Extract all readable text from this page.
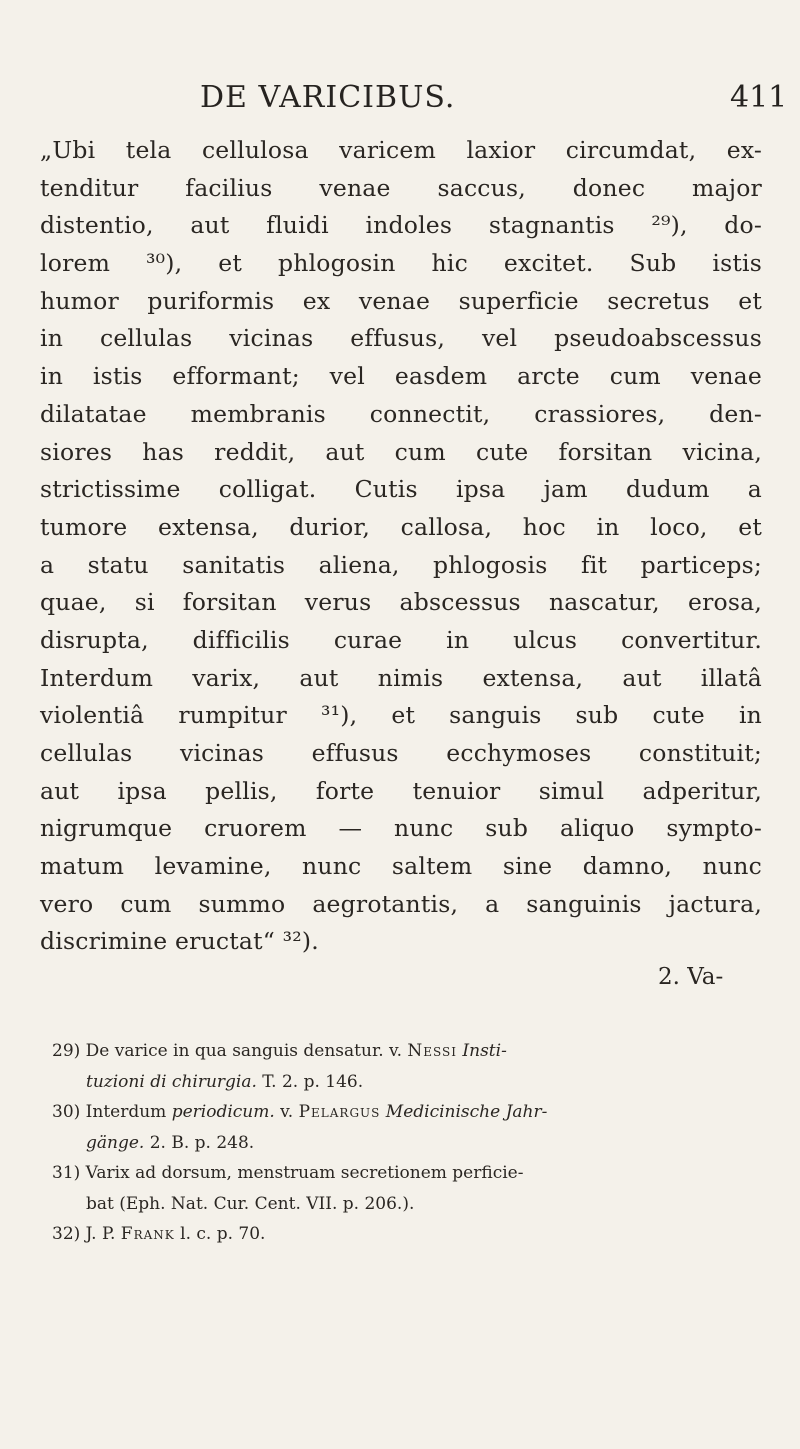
DE VARICIBUS.	411
„Ubi tela cellulosa varicem laxior circumdat, ex-
tenditur facilius venae saccus, donec major
distentio, aut fluidi indoles stagnantis ²⁹), do-
lorem ³⁰), et phlogosin hic excitet. Sub istis
humor puriformis ex venae superficie secretus et
in cellulas vicinas effusus, vel pseudoabscessus
in istis efformant; vel easdem arcte cum venae
dilatatae membranis connectit, crassiores, den-
siores has reddit, aut cum cute forsitan vicina,
strictissime colligat. Cutis ipsa jam dudum a
tumore extensa, durior, callosa, hoc in loco, et
a statu sanitatis aliena, phlogosis fit particeps;
quae, si forsitan verus abscessus nascatur, erosa,
disrupta, difficilis curae in ulcus convertitur.
Interdum varix, aut nimis extensa, aut illatâ
violentiâ rumpitur ³¹), et sanguis sub cute in
cellulas vicinas effusus ecchymoses constituit;
aut ipsa pellis, forte tenuior simul adperitur,
nigrumque cruorem — nunc sub aliquo sympto-
matum levamine, nunc saltem sine damno, nunc
vero cum summo aegrotantis, a sanguinis jactura,
discrimine eructat“ ³²).
2. Va-
29) De varice in qua sanguis densatur. v. Nessi Insti-
tuzioni di chirurgia. T. 2. p. 146.
30) Interdum periodicum. v. Pelargus Medicinische Jahr-
gänge. 2. B. p. 248.
31) Varix ad dorsum, menstruam secretionem perficie-
bat (Eph. Nat. Cur. Cent. VII. p. 206.).
32) J. P. Frank l. c. p. 70.
